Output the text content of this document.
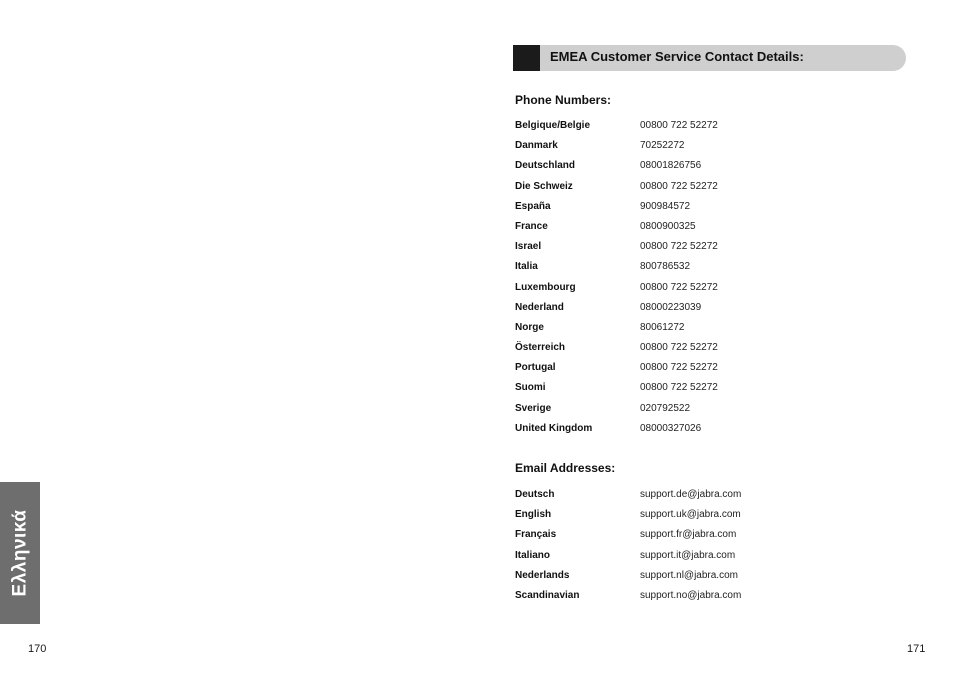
Ελληνικά
170	171
EMEA Customer Service Contact Details:
Phone Numbers:
Belgique/Belgie	00800 722 52272
Danmark	70252272
Deutschland	08001826756
Die Schweiz	00800 722 52272
España	900984572
France	0800900325
Israel	00800 722 52272
Italia	800786532
Luxembourg	00800 722 52272
Nederland	08000223039
Norge	80061272
Österreich	00800 722 52272
Portugal	00800 722 52272
Suomi	00800 722 52272
Sverige	020792522
United Kingdom	08000327026
Email Addresses:
Deutsch	support.de@jabra.com
English	support.uk@jabra.com
Français	support.fr@jabra.com
Italiano	support.it@jabra.com
Nederlands	support.nl@jabra.com
Scandinavian	support.no@jabra.com
